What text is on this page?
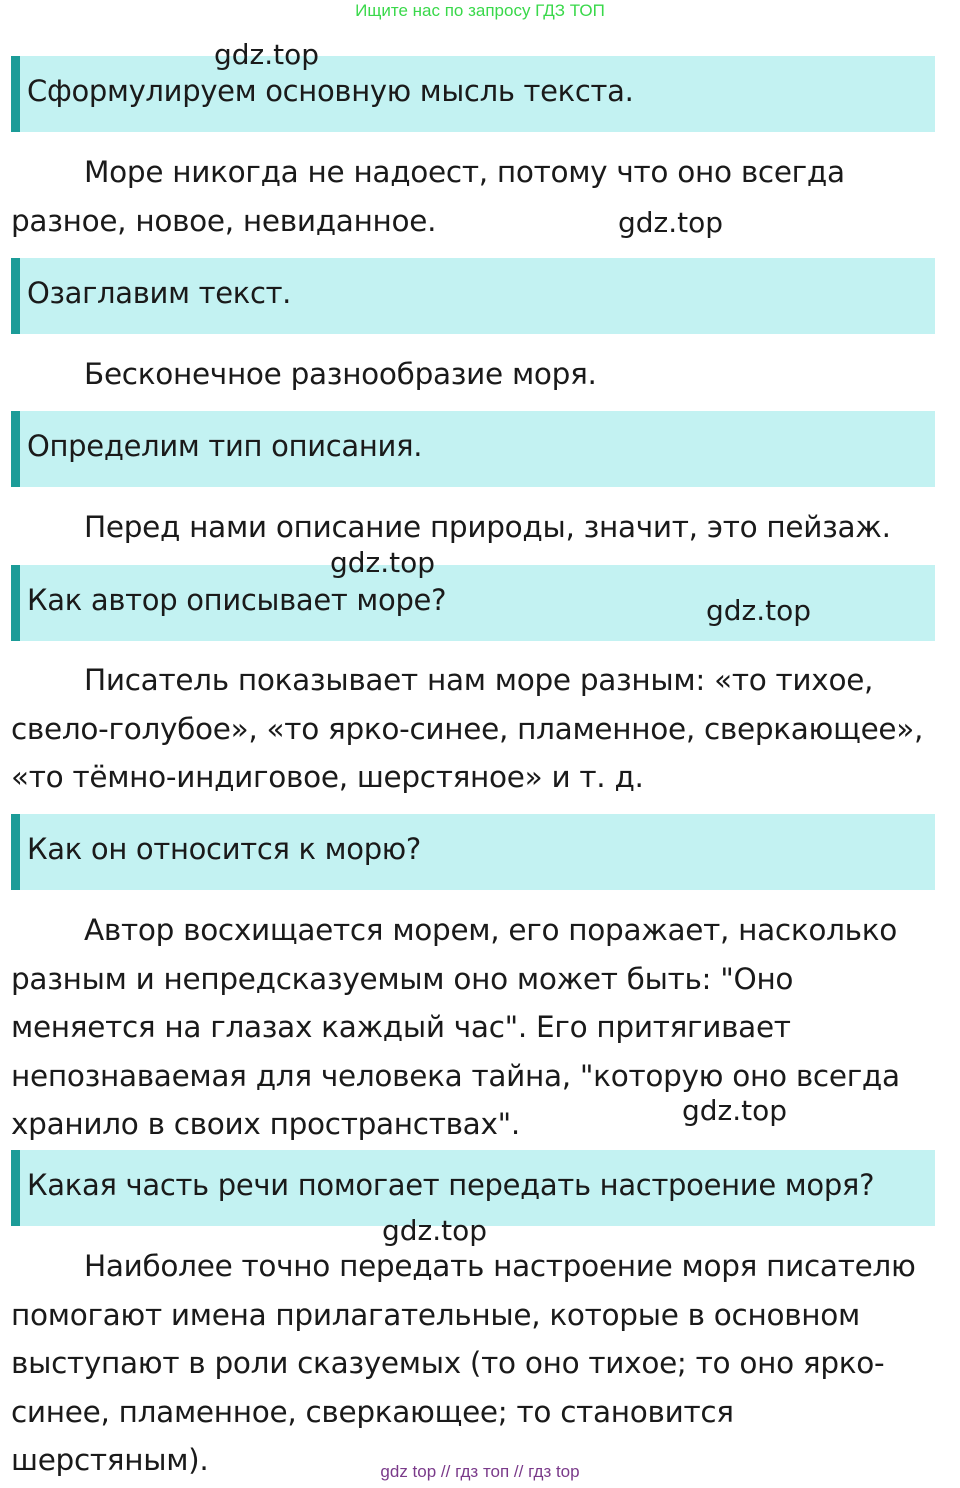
Ищите нас по запросу ГДЗ ТОП
Сформулируем основную мысль текста.

Море никогда не надоест, потому что оно всегда разное, новое, невиданное.

Озаглавим текст.

Бесконечное разнообразие моря.

Определим тип описания.

Перед нами описание природы, значит, это пейзаж.

Как автор описывает море?

Писатель показывает нам море разным: «то тихое, свело-голубое», «то ярко-синее, пламенное, сверкающее», «то тёмно-индиговое, шерстяное» и т. д.

Как он относится к морю?

Автор восхищается морем, его поражает, насколько разным и непредсказуемым оно может быть: "Оно меняется на глазах каждый час". Его притягивает непознаваемая для человека тайна, "которую оно всегда хранило в своих пространствах".

Какая часть речи помогает передать настроение моря?

Наиболее точно передать настроение моря писателю помогают имена прилагательные, которые в основном выступают в роли сказуемых (то оно тихое; то оно ярко-синее, пламенное, сверкающее; то становится шерстяным).

gdz.top
gdz.top
gdz.top
gdz.top
gdz.top
gdz.top
gdz top // гдз топ // гдз top
